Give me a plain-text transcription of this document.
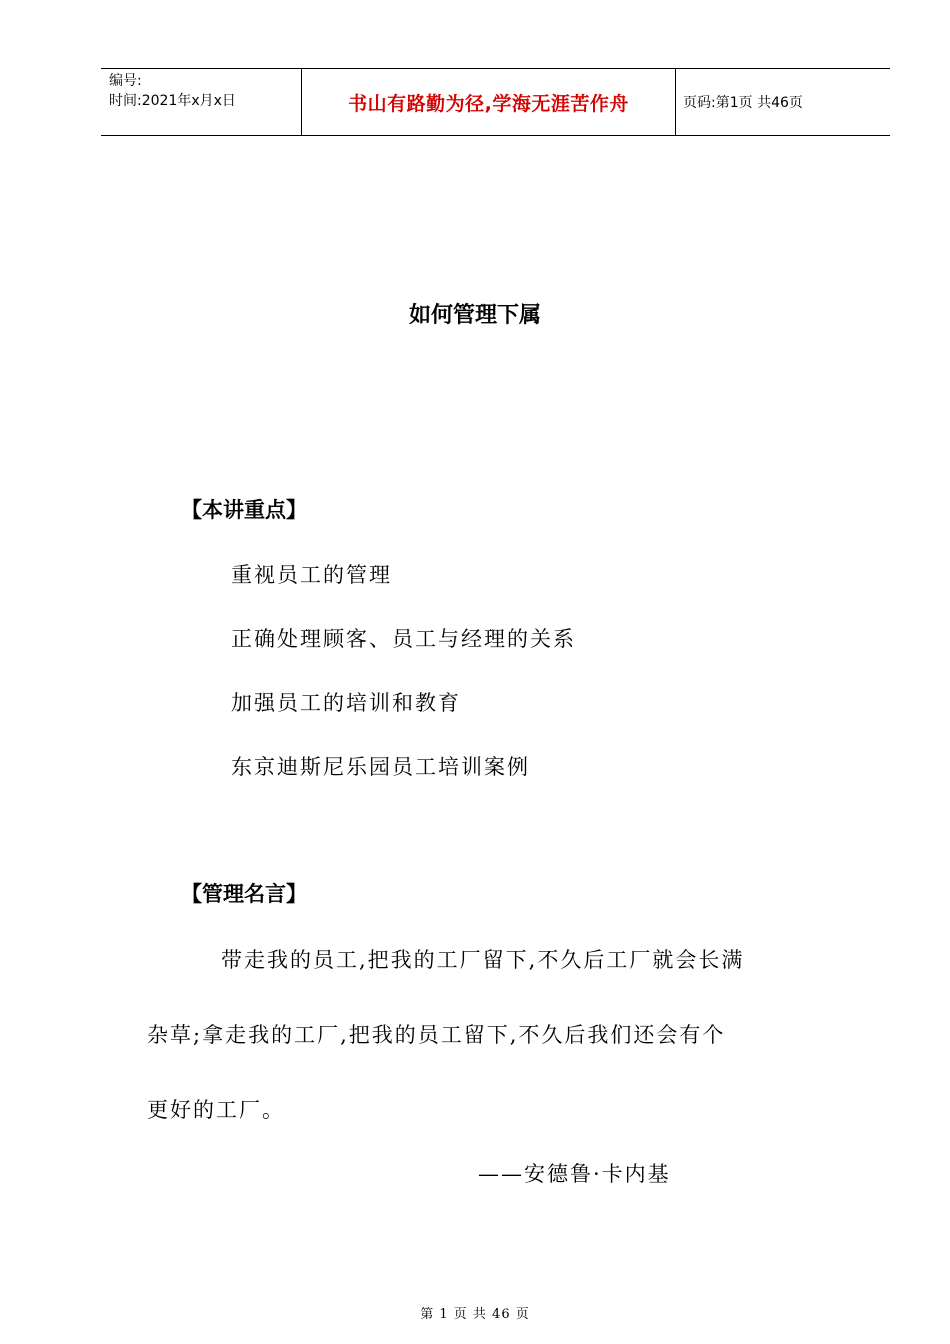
编号:
时间:2021年x月x日	书山有路勤为径,学海无涯苦作舟	页码:第1页 共46页
如何管理下属
【本讲重点】
重视员工的管理
正确处理顾客、员工与经理的关系
加强员工的培训和教育
东京迪斯尼乐园员工培训案例
【管理名言】
带走我的员工,把我的工厂留下,不久后工厂就会长满
杂草;拿走我的工厂,把我的员工留下,不久后我们还会有个
更好的工厂。
——安德鲁·卡内基
第 1 页 共 46 页
